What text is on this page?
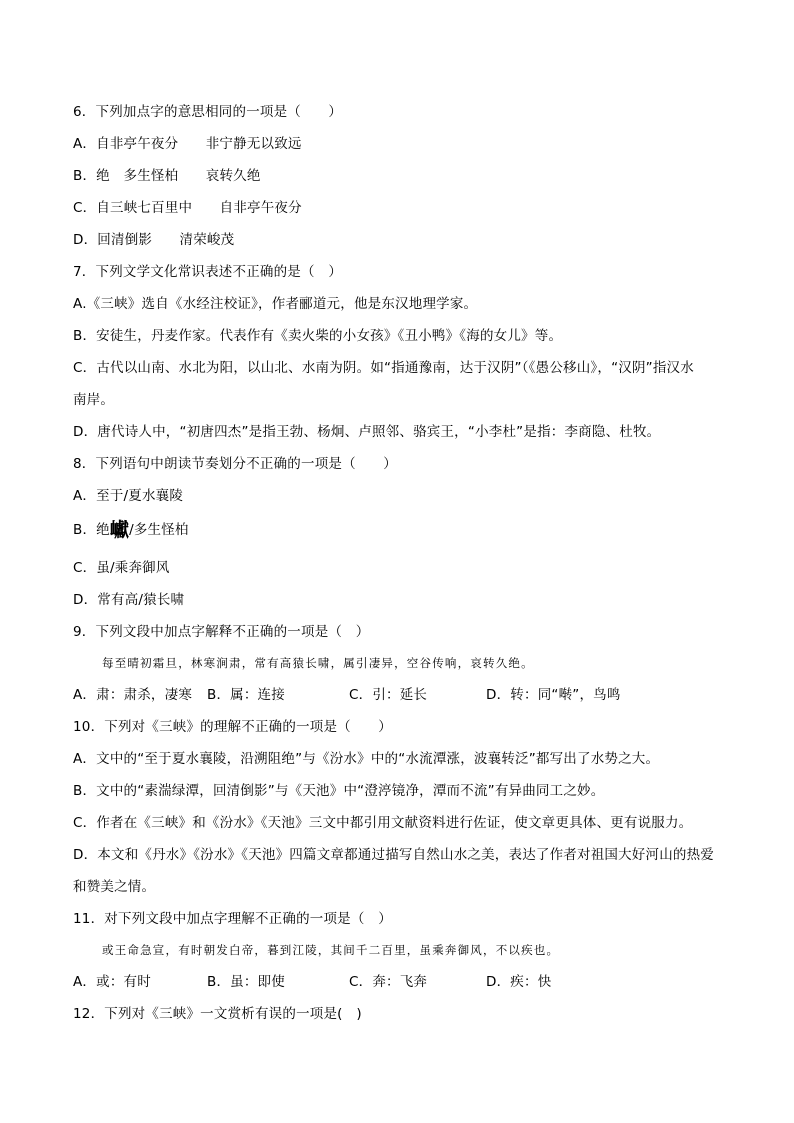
6．下列加点字的意思相同的一项是（　　）
A．自非亭午夜分　　非宁静无以致远
B．绝　多生怪柏　　哀转久绝
C．自三峡七百里中　　自非亭午夜分
D．回清倒影　　清荣峻茂
7．下列文学文化常识表述不正确的是（　）
A.《三峡》选自《水经注校证》，作者郦道元，他是东汉地理学家。
B．安徒生，丹麦作家。代表作有《卖火柴的小女孩》《丑小鸭》《海的女儿》等。
C．古代以山南、水北为阳，以山北、水南为阴。如“指通豫南，达于汉阴”（《愚公移山》，“汉阴”指汉水
南岸。
D．唐代诗人中，“初唐四杰”是指王勃、杨炯、卢照邻、骆宾王，“小李杜”是指：李商隐、杜牧。
8．下列语句中朗读节奏划分不正确的一项是（　　）
A．至于/夏水襄陵
B．绝巘/多生怪柏
C．虽/乘奔御风
D．常有高/猿长啸
9．下列文段中加点字解释不正确的一项是（　）
每至晴初霜旦，林寒涧肃，常有高猿长啸，属引凄异，空谷传响，哀转久绝。
A．肃：肃杀，凄寒 B．属：连接	C．引：延长	D．转：同“啭”，鸟鸣
10．下列对《三峡》的理解不正确的一项是（　　）
A．文中的“至于夏水襄陵，沿溯阻绝”与《汾水》中的“水流潭涨，波襄转泛”都写出了水势之大。
B．文中的“素湍绿潭，回清倒影”与《天池》中“澄渟镜净，潭而不流”有异曲同工之妙。
C．作者在《三峡》和《汾水》《天池》三文中都引用文献资料进行佐证，使文章更具体、更有说服力。
D．本文和《丹水》《汾水》《天池》四篇文章都通过描写自然山水之美，表达了作者对祖国大好河山的热爱
和赞美之情。
11．对下列文段中加点字理解不正确的一项是（　）
或王命急宣，有时朝发白帝，暮到江陵，其间千二百里，虽乘奔御风，不以疾也。
A．或：有时	B．虽：即使	C．奔：飞奔	D．疾：快
12．下列对《三峡》一文赏析有误的一项是(　)
